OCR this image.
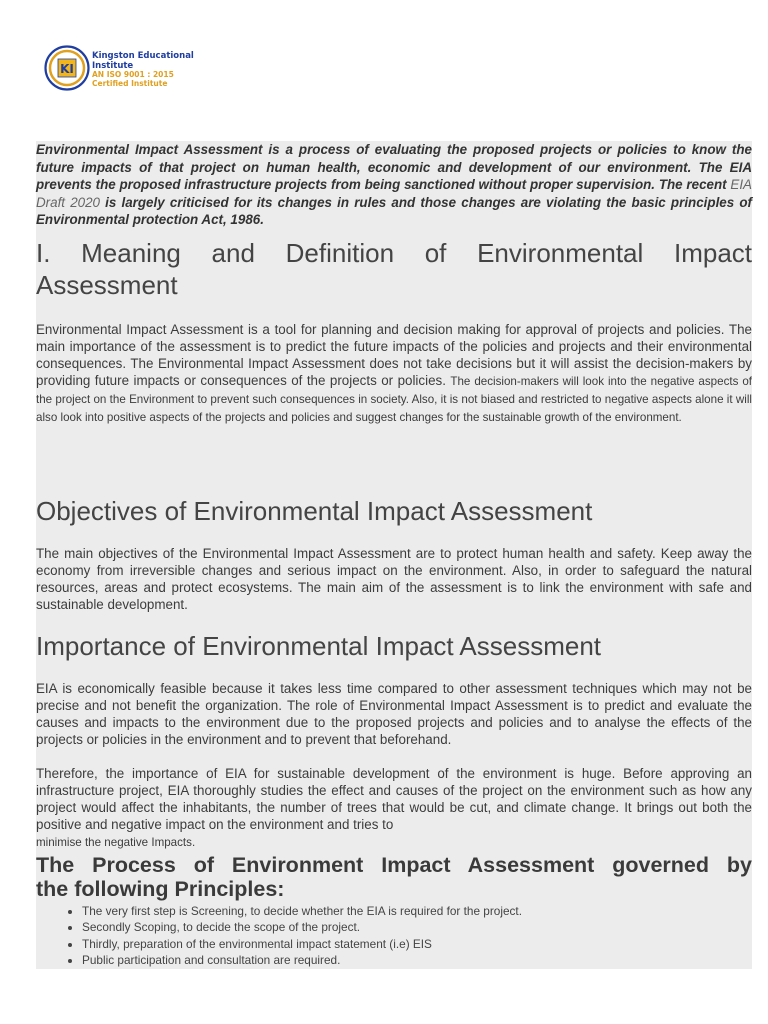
KI
Kingston Educational
Institute
AN ISO 9001 : 2015
Certified Institute

Environmental Impact Assessment is a process of evaluating the proposed projects or policies to know the future impacts of that project on human health, economic and development of our environment. The EIA prevents the proposed infrastructure projects from being sanctioned without proper supervision. The recent EIA Draft 2020 is largely criticised for its changes in rules and those changes are violating the basic principles of Environmental protection Act, 1986.

I. Meaning and Definition of Environmental Impact
Assessment

Environmental Impact Assessment is a tool for planning and decision making for approval of projects and policies. The main importance of the assessment is to predict the future impacts of the policies and projects and their environmental consequences. The Environmental Impact Assessment does not take decisions but it will assist the decision-makers by providing future impacts or consequences of the projects or policies. The decision-makers will look into the negative aspects of the project on the Environment to prevent such consequences in society. Also, it is not biased and restricted to negative aspects alone it will also look into positive aspects of the projects and policies and suggest changes for the sustainable growth of the environment.

Objectives of Environmental Impact Assessment

The main objectives of the Environmental Impact Assessment are to protect human health and safety. Keep away the economy from irreversible changes and serious impact on the environment. Also, in order to safeguard the natural resources, areas and protect ecosystems. The main aim of the assessment is to link the environment with safe and sustainable development.

Importance of Environmental Impact Assessment

EIA is economically feasible because it takes less time compared to other assessment techniques which may not be precise and not benefit the organization. The role of Environmental Impact Assessment is to predict and evaluate the causes and impacts to the environment due to the proposed projects and policies and to analyse the effects of the projects or policies in the environment and to prevent that beforehand.

Therefore, the importance of EIA for sustainable development of the environment is huge. Before approving an infrastructure project, EIA thoroughly studies the effect and causes of the project on the environment such as how any project would affect the inhabitants, the number of trees that would be cut, and climate change. It brings out both the positive and negative impact on the environment and tries to
minimise the negative Impacts.

The Process of Environment Impact Assessment governed by
the following Principles:
• The very first step is Screening, to decide whether the EIA is required for the project.
• Secondly Scoping, to decide the scope of the project.
• Thirdly, preparation of the environmental impact statement (i.e) EIS
• Public participation and consultation are required.
